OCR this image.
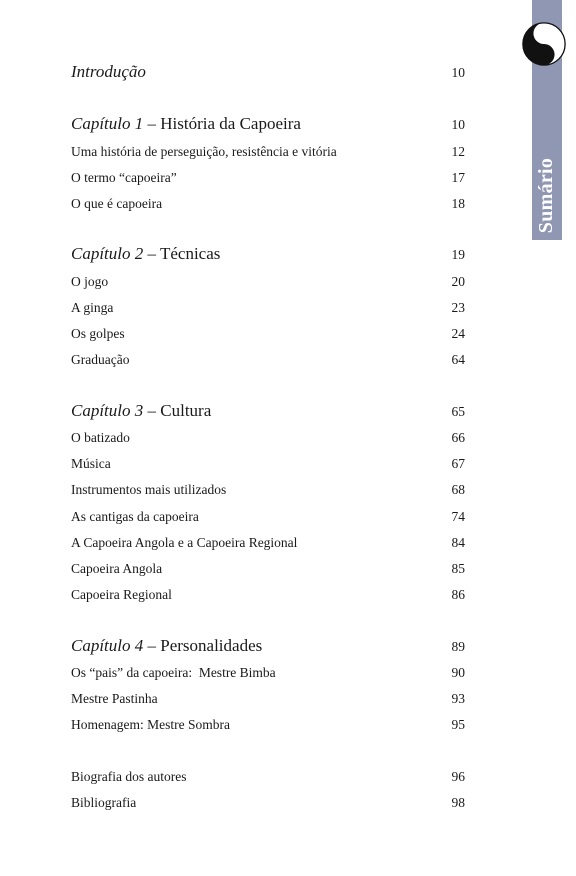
Sumário
Introdução	10
Capítulo 1 – História da Capoeira	10
Uma história de perseguição, resistência e vitória	12
O termo “capoeira”	17
O que é capoeira	18
Capítulo 2 – Técnicas	19
O jogo	20
A ginga	23
Os golpes	24
Graduação	64
Capítulo 3 – Cultura	65
O batizado	66
Música	67
Instrumentos mais utilizados	68
As cantigas da capoeira	74
A Capoeira Angola e a Capoeira Regional	84
Capoeira Angola	85
Capoeira Regional	86
Capítulo 4 – Personalidades	89
Os “pais” da capoeira:  Mestre Bimba	90
Mestre Pastinha	93
Homenagem: Mestre Sombra	95
Biografia dos autores	96
Bibliografia	98
